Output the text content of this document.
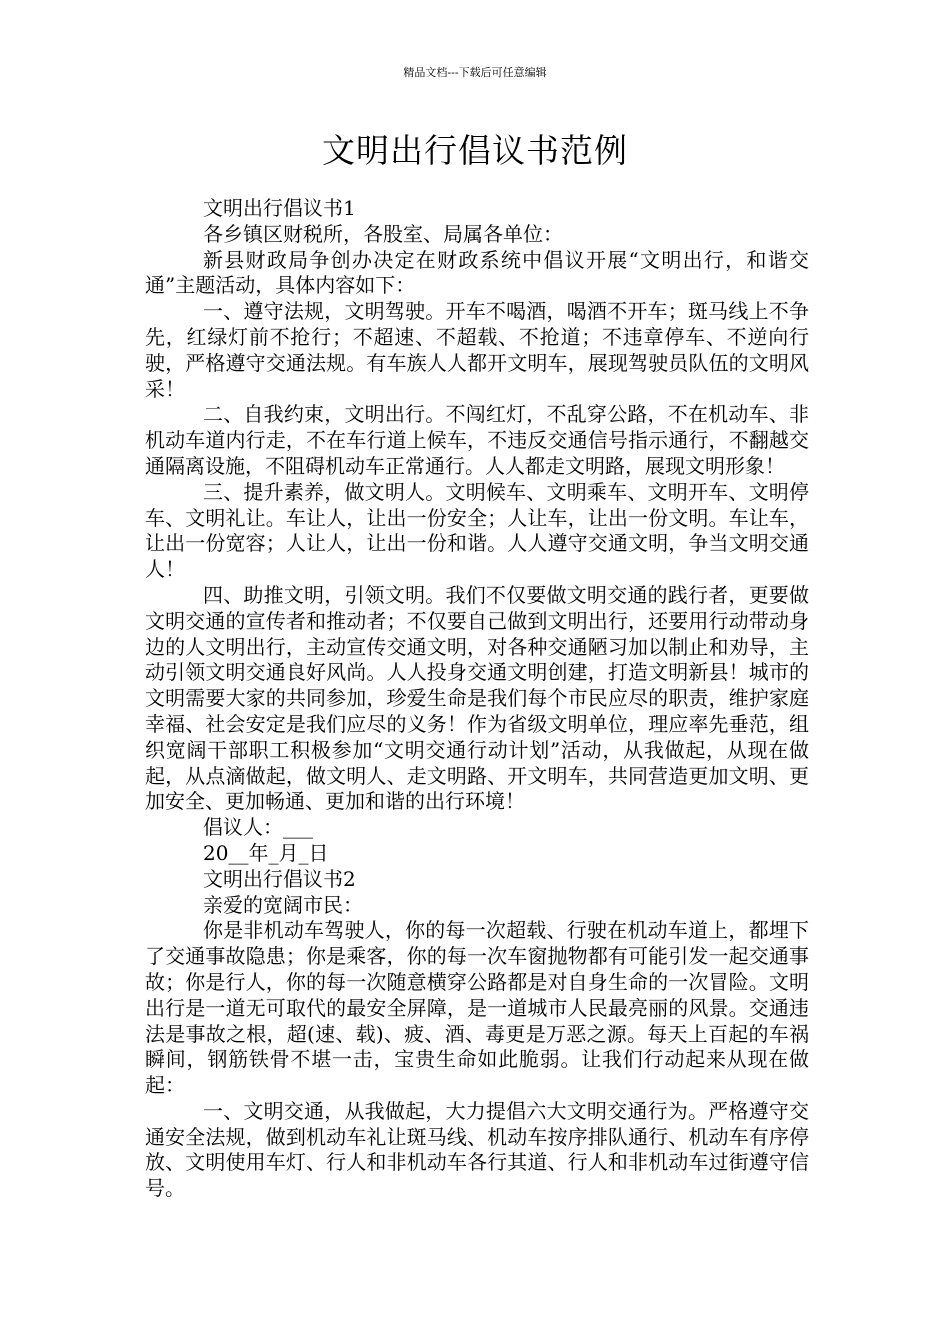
精品文档---下载后可任意编辑
文明出行倡议书范例

文明出行倡议书1

各乡镇区财税所，各股室、局属各单位：

新县财政局争创办决定在财政系统中倡议开展“文明出行，和谐交通”主题活动，具体内容如下：

一、遵守法规，文明驾驶。开车不喝酒，喝酒不开车；斑马线上不争先，红绿灯前不抢行；不超速、不超载、不抢道；不违章停车、不逆向行驶，严格遵守交通法规。有车族人人都开文明车，展现驾驶员队伍的文明风采！

二、自我约束，文明出行。不闯红灯，不乱穿公路，不在机动车、非机动车道内行走，不在车行道上候车，不违反交通信号指示通行，不翻越交通隔离设施，不阻碍机动车正常通行。人人都走文明路，展现文明形象！

三、提升素养，做文明人。文明候车、文明乘车、文明开车、文明停车、文明礼让。车让人，让出一份安全；人让车，让出一份文明。车让车，让出一份宽容；人让人，让出一份和谐。人人遵守交通文明，争当文明交通人！

四、助推文明，引领文明。我们不仅要做文明交通的践行者，更要做文明交通的宣传者和推动者；不仅要自己做到文明出行，还要用行动带动身边的人文明出行，主动宣传交通文明，对各种交通陋习加以制止和劝导，主动引领文明交通良好风尚。人人投身交通文明创建，打造文明新县！城市的文明需要大家的共同参加，珍爱生命是我们每个市民应尽的职责，维护家庭幸福、社会安定是我们应尽的义务！作为省级文明单位，理应率先垂范，组织宽阔干部职工积极参加“文明交通行动计划”活动，从我做起，从现在做起，从点滴做起，做文明人、走文明路、开文明车，共同营造更加文明、更加安全、更加畅通、更加和谐的出行环境！

倡议人：___

20__年_月_日

文明出行倡议书2

亲爱的宽阔市民：

你是非机动车驾驶人，你的每一次超载、行驶在机动车道上，都埋下了交通事故隐患；你是乘客，你的每一次车窗抛物都有可能引发一起交通事故；你是行人，你的每一次随意横穿公路都是对自身生命的一次冒险。文明出行是一道无可取代的最安全屏障，是一道城市人民最亮丽的风景。交通违法是事故之根，超(速、载)、疲、酒、毒更是万恶之源。每天上百起的车祸瞬间，钢筋铁骨不堪一击，宝贵生命如此脆弱。让我们行动起来从现在做起：

一、文明交通，从我做起，大力提倡六大文明交通行为。严格遵守交通安全法规，做到机动车礼让斑马线、机动车按序排队通行、机动车有序停放、文明使用车灯、行人和非机动车各行其道、行人和非机动车过街遵守信号。
